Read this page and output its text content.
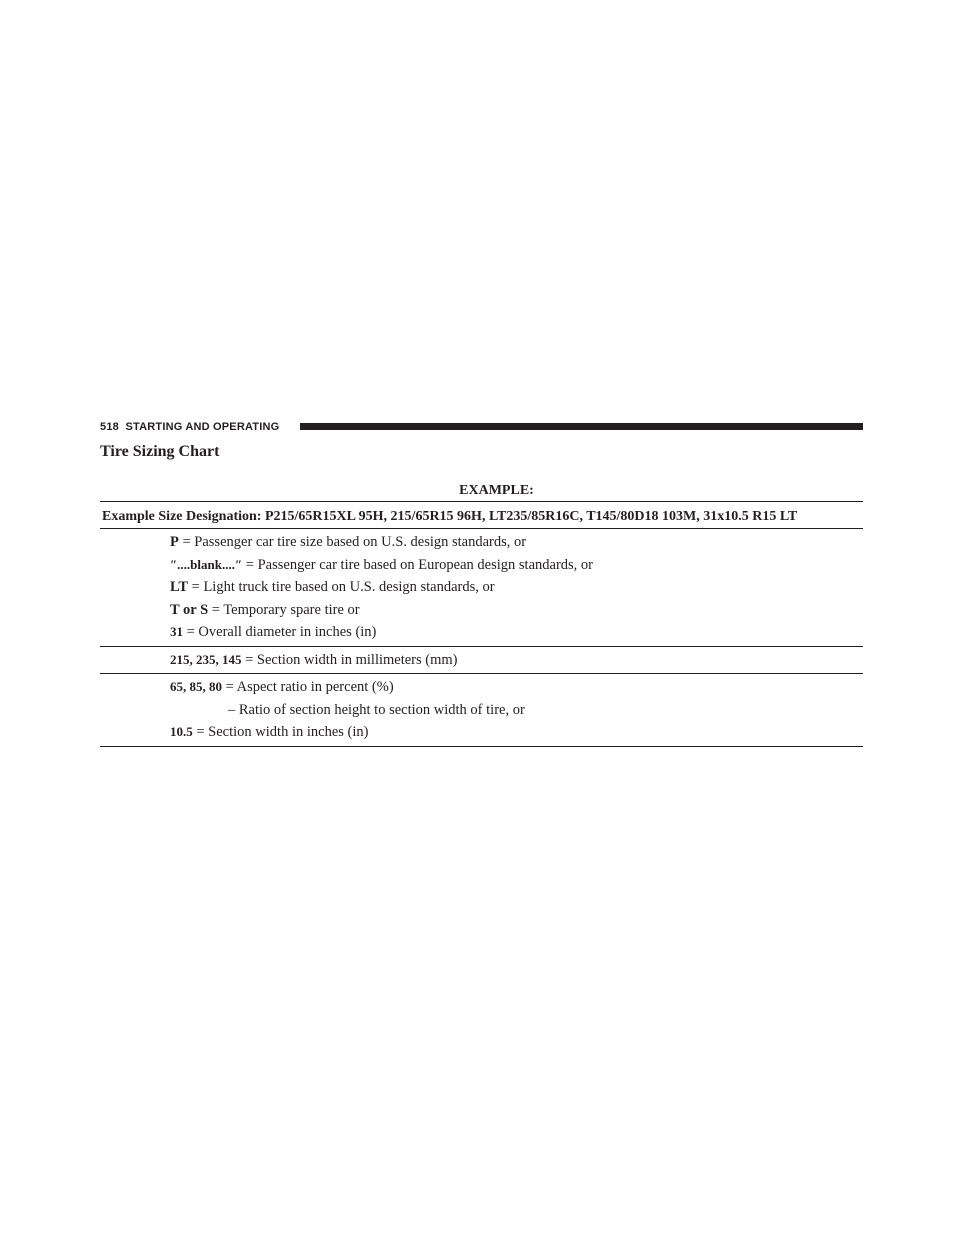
518 STARTING AND OPERATING
Tire Sizing Chart
EXAMPLE:
Example Size Designation: P215/65R15XL 95H, 215/65R15 96H, LT235/85R16C, T145/80D18 103M, 31x10.5 R15 LT
P = Passenger car tire size based on U.S. design standards, or
″....blank....″ = Passenger car tire based on European design standards, or
LT = Light truck tire based on U.S. design standards, or
T or S = Temporary spare tire or
31 = Overall diameter in inches (in)
215, 235, 145 = Section width in millimeters (mm)
65, 85, 80 = Aspect ratio in percent (%)
– Ratio of section height to section width of tire, or
10.5 = Section width in inches (in)
